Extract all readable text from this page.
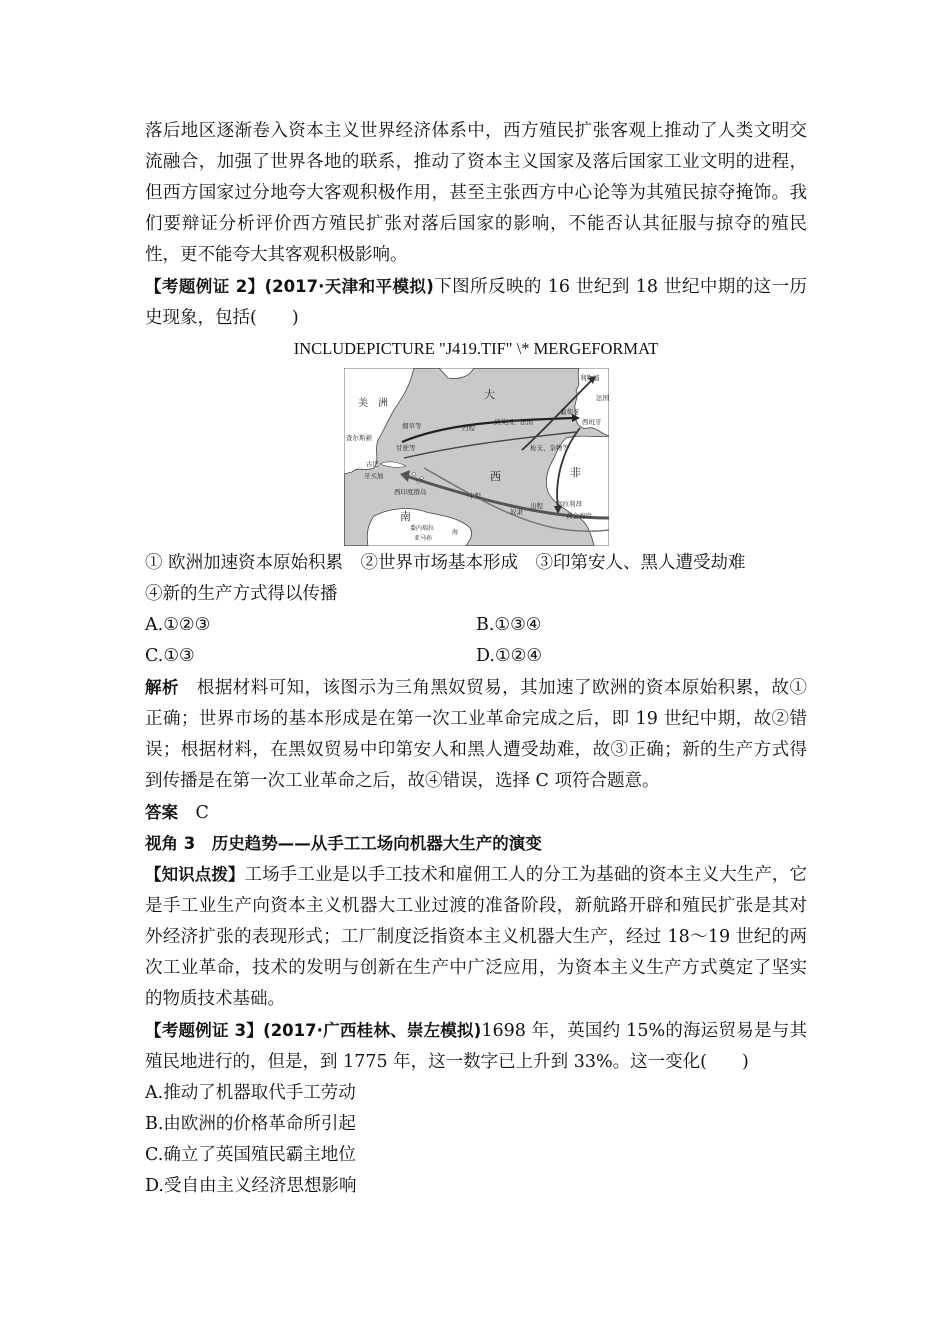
落后地区逐渐卷入资本主义世界经济体系中，西方殖民扩张客观上推动了人类文明交流融合，加强了世界各地的联系，推动了资本主义国家及落后国家工业文明的进程，但西方国家过分地夸大客观积极作用，甚至主张西方中心论等为其殖民掠夺掩饰。我们要辩证分析评价西方殖民扩张对落后国家的影响，不能否认其征服与掠夺的殖民性，更不能夸大其客观积极影响。
【考题例证 2】(2017·天津和平模拟)下图所反映的 16 世纪到 18 世纪中期的这一历史现象，包括(　　)
INCLUDEPICTURE "J419.TIF" \* MERGEFORMAT
大
美　洲
查尔斯顿
烟草等	归程
到英国、法国
利物浦
法国
葡萄牙
西班牙
甘蔗等
古巴
牙买加
西印度群岛
西	非
中程
奴隶
出程
枪支、杂物等
南
委内瑞拉
亚马孙
海
塞拉利昂
黄金海岸
① 欧洲加速资本原始积累　②世界市场基本形成　③印第安人、黑人遭受劫难
④新的生产方式得以传播
A.①②③	B.①③④
C.①③	D.①②④
解析　 根据材料可知，该图示为三角黑奴贸易，其加速了欧洲的资本原始积累，故①正确；世界市场的基本形成是在第一次工业革命完成之后，即 19 世纪中期，故②错误；根据材料，在黑奴贸易中印第安人和黑人遭受劫难，故③正确；新的生产方式得到传播是在第一次工业革命之后，故④错误，选择 C 项符合题意。
答案　 C
视角 3　历史趋势——从手工工场向机器大生产的演变
【知识点拨】工场手工业是以手工技术和雇佣工人的分工为基础的资本主义大生产，它是手工业生产向资本主义机器大工业过渡的准备阶段，新航路开辟和殖民扩张是其对外经济扩张的表现形式；工厂制度泛指资本主义机器大生产，经过 18～19 世纪的两次工业革命，技术的发明与创新在生产中广泛应用，为资本主义生产方式奠定了坚实的物质技术基础。
【考题例证 3】(2017·广西桂林、崇左模拟)1698 年，英国约 15%的海运贸易是与其殖民地进行的，但是，到 1775 年，这一数字已上升到 33%。这一变化(　　)
A.推动了机器取代手工劳动
B.由欧洲的价格革命所引起
C.确立了英国殖民霸主地位
D.受自由主义经济思想影响
